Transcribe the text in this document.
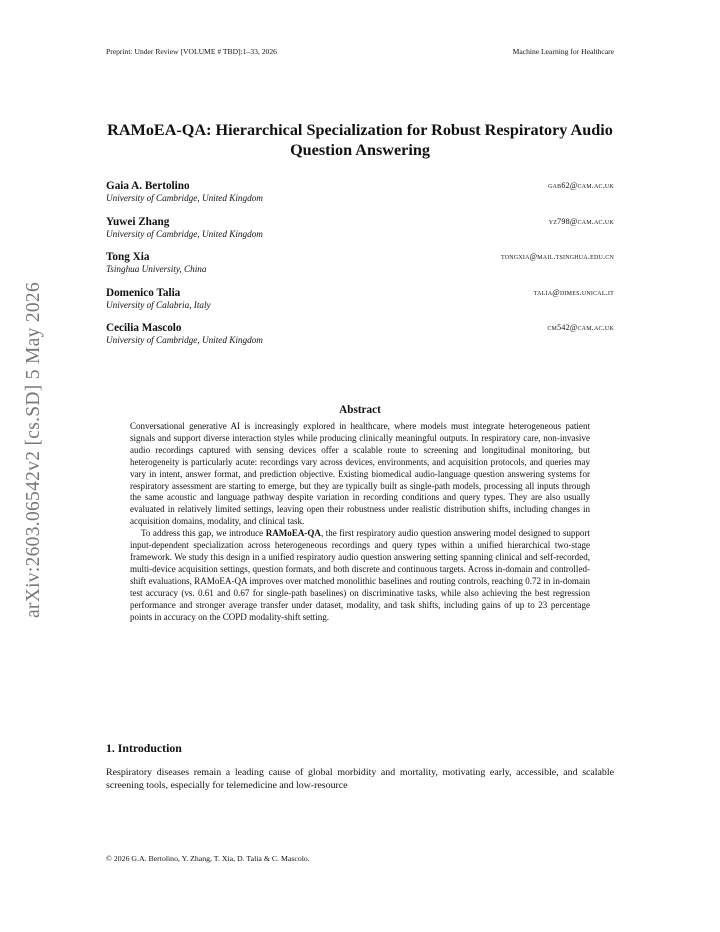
Preprint: Under Review [VOLUME # TBD]:1–33, 2026	Machine Learning for Healthcare
arXiv:2603.06542v2 [cs.SD] 5 May 2026
RAMoEA-QA: Hierarchical Specialization for Robust Respiratory Audio Question Answering
Gaia A. Bertolino
University of Cambridge, United Kingdom
gab62@cam.ac.uk
Yuwei Zhang
University of Cambridge, United Kingdom
yz798@cam.ac.uk
Tong Xia
Tsinghua University, China
tongxia@mail.tsinghua.edu.cn
Domenico Talia
University of Calabria, Italy
talia@dimes.unical.it
Cecilia Mascolo
University of Cambridge, United Kingdom
cm542@cam.ac.uk
Abstract

Conversational generative AI is increasingly explored in healthcare, where models must integrate heterogeneous patient signals and support diverse interaction styles while producing clinically meaningful outputs. In respiratory care, non-invasive audio recordings captured with sensing devices offer a scalable route to screening and longitudinal monitoring, but heterogeneity is particularly acute: recordings vary across devices, environments, and acquisition protocols, and queries may vary in intent, answer format, and prediction objective. Existing biomedical audio-language question answering systems for respiratory assessment are starting to emerge, but they are typically built as single-path models, processing all inputs through the same acoustic and language pathway despite variation in recording conditions and query types. They are also usually evaluated in relatively limited settings, leaving open their robustness under realistic distribution shifts, including changes in acquisition domains, modality, and clinical task.

To address this gap, we introduce RAMoEA-QA, the first respiratory audio question answering model designed to support input-dependent specialization across heterogeneous recordings and query types within a unified hierarchical two-stage framework. We study this design in a unified respiratory audio question answering setting spanning clinical and self-recorded, multi-device acquisition settings, question formats, and both discrete and continuous targets. Across in-domain and controlled-shift evaluations, RAMoEA-QA improves over matched monolithic baselines and routing controls, reaching 0.72 in in-domain test accuracy (vs. 0.61 and 0.67 for single-path baselines) on discriminative tasks, while also achieving the best regression performance and stronger average transfer under dataset, modality, and task shifts, including gains of up to 23 percentage points in accuracy on the COPD modality-shift setting.

1. Introduction

Respiratory diseases remain a leading cause of global morbidity and mortality, motivating early, accessible, and scalable screening tools, especially for telemedicine and low-resource

© 2026 G.A. Bertolino, Y. Zhang, T. Xia, D. Talia & C. Mascolo.
